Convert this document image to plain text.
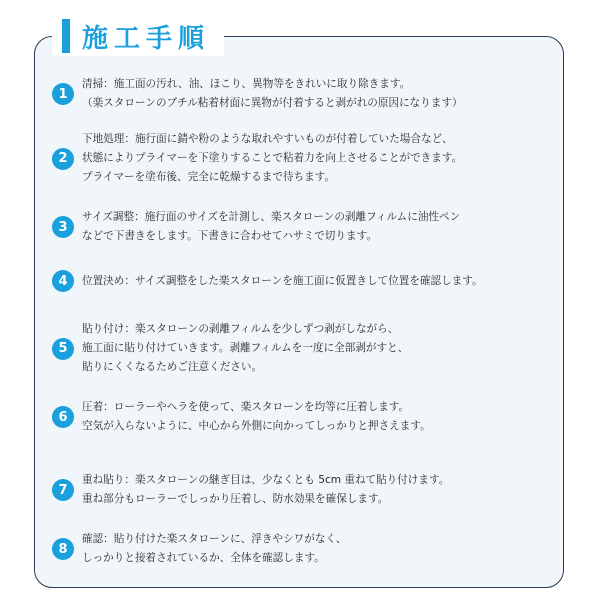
施工手順
1
清掃：施工面の汚れ、油、ほこり、異物等をきれいに取り除きます。
（楽スタローンのブチル粘着材面に異物が付着すると剥がれの原因になります）
2
下地処理：施行面に錆や粉のような取れやすいものが付着していた場合など、
状態によりプライマーを下塗りすることで粘着力を向上させることができます。
プライマーを塗布後、完全に乾燥するまで待ちます。
3
サイズ調整：施行面のサイズを計測し、楽スタローンの剥離フィルムに油性ペン
などで下書きをします。下書きに合わせてハサミで切ります。
4	位置決め：サイズ調整をした楽スタローンを施工面に仮置きして位置を確認します。
5
貼り付け：楽スタローンの剥離フィルムを少しずつ剥がしながら、
施工面に貼り付けていきます。剥離フィルムを一度に全部剥がすと、
貼りにくくなるためご注意ください。
6
圧着：ローラーやヘラを使って、楽スタローンを均等に圧着します。
空気が入らないように、中心から外側に向かってしっかりと押さえます。
7
重ね貼り：楽スタローンの継ぎ目は、少なくとも 5cm 重ねて貼り付けます。
重ね部分もローラーでしっかり圧着し、防水効果を確保します。
8
確認：貼り付けた楽スタローンに、浮きやシワがなく、
しっかりと接着されているか、全体を確認します。
